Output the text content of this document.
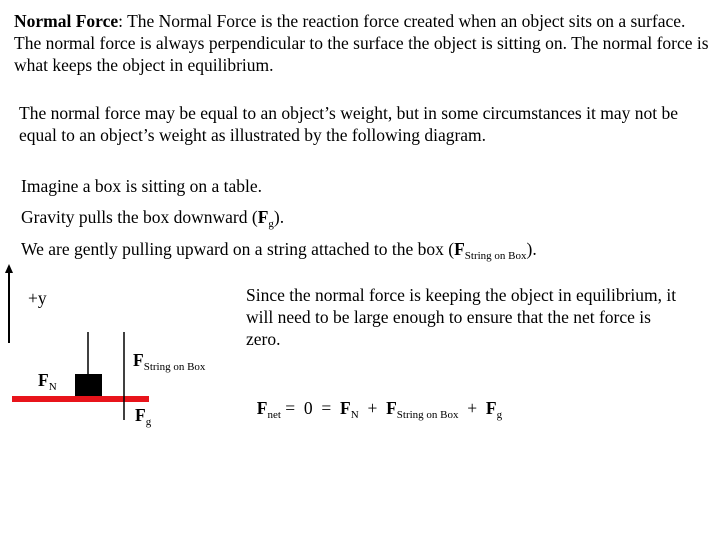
Normal Force: The Normal Force is the reaction force created when an object sits on a surface. The normal force is always perpendicular to the surface the object is sitting on. The normal force is what keeps the object in equilibrium.
The normal force may be equal to an object’s weight, but in some circumstances it may not be equal to an object’s weight as illustrated by the following diagram.
Imagine a box is sitting on a table.
Gravity pulls the box downward $(F_g)$.
We are gently pulling upward on a string attached to the box $(F_{String on Box})$.
+y
$F_N$
$F_{String on Box}$
$F_g$
Since the normal force is keeping the object in equilibrium, it will need to be large enough to ensure that the net force is zero.

$F_{net} = 0 = F_N + F_{String on Box} + F_g$
